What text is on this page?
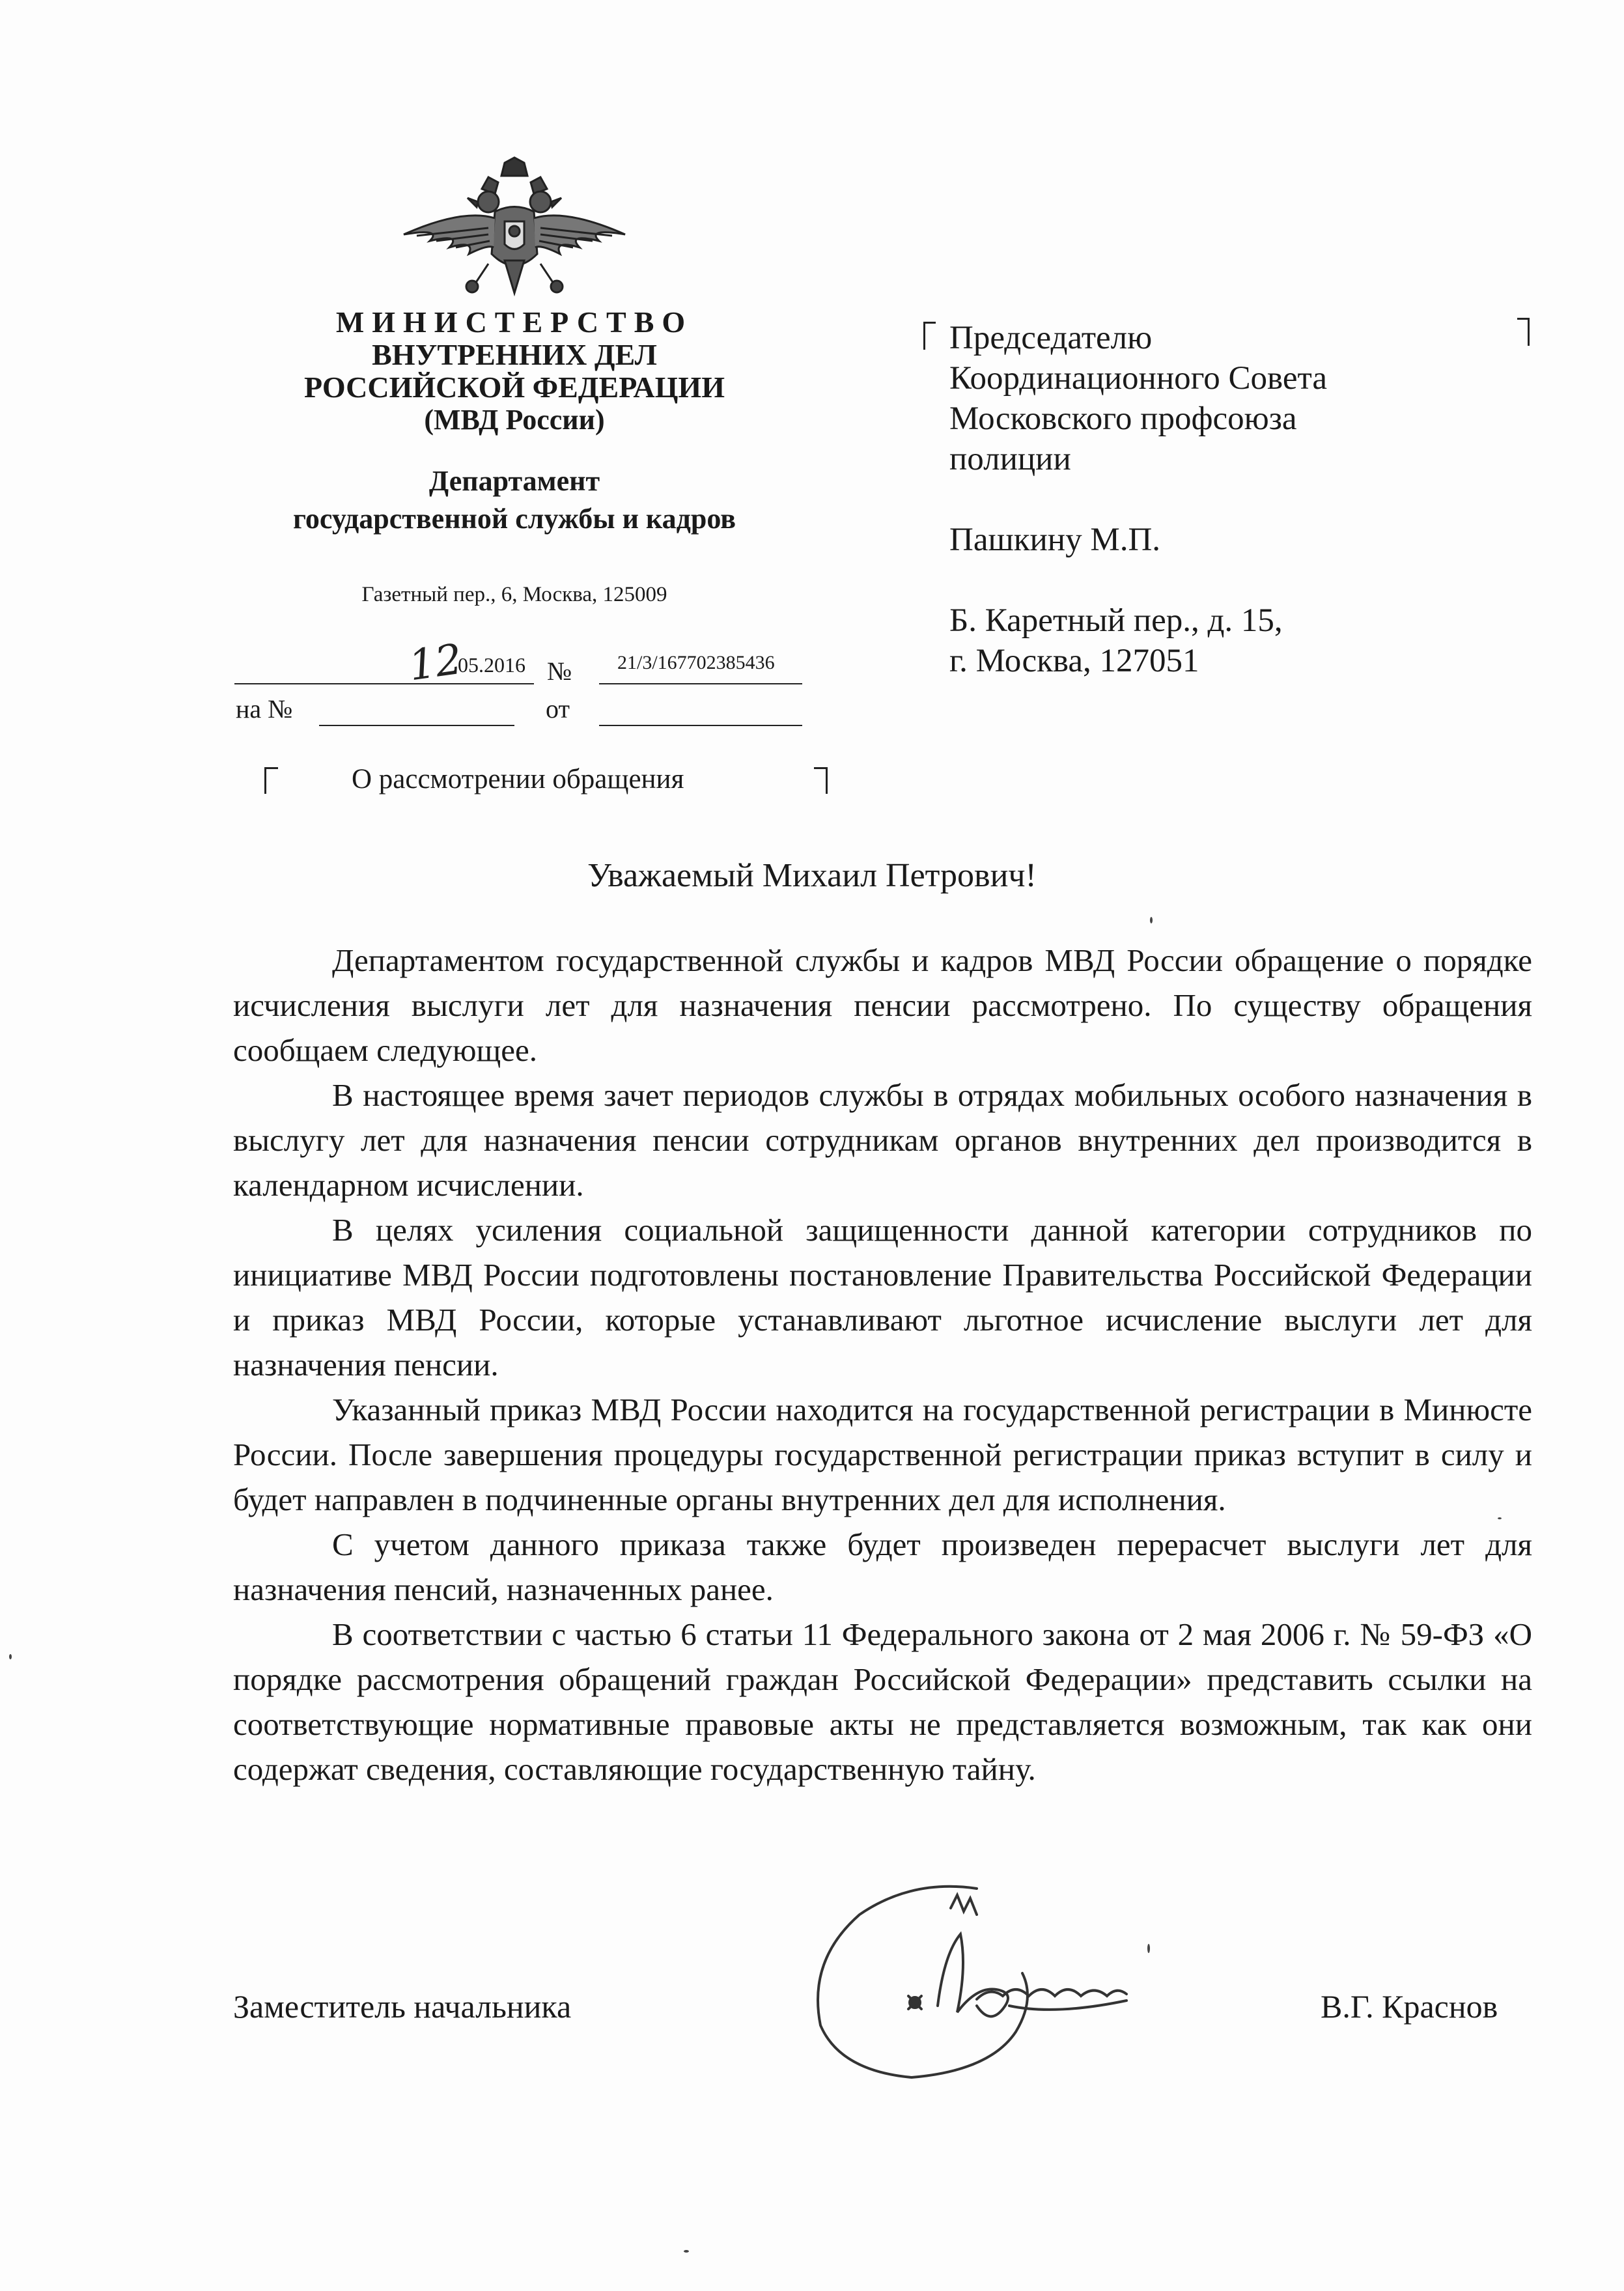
МИНИСТЕРСТВО
ВНУТРЕННИХ ДЕЛ
РОССИЙСКОЙ ФЕДЕРАЦИИ
(МВД России)
Департамент
государственной службы и кадров
Газетный пер., 6, Москва, 125009
12
.05.2016 № 21/3/167702385436
на №	от
О рассмотрении обращения
Председателю
Координационного Совета
Московского профсоюза
полиции
Пашкину М.П.
Б. Каретный пер., д. 15,
г. Москва, 127051
Уважаемый Михаил Петрович!

Департаментом государственной службы и кадров МВД России обращение о порядке исчисления выслуги лет для назначения пенсии рассмотрено. По существу обращения сообщаем следующее.

В настоящее время зачет периодов службы в отрядах мобильных особого назначения в выслугу лет для назначения пенсии сотрудникам органов внутренних дел производится в календарном исчислении.

В целях усиления социальной защищенности данной категории сотрудников по инициативе МВД России подготовлены постановление Правительства Российской Федерации и приказ МВД России, которые устанавливают льготное исчисление выслуги лет для назначения пенсии.

Указанный приказ МВД России находится на государственной регистрации в Минюсте России. После завершения процедуры государственной регистрации приказ вступит в силу и будет направлен в подчиненные органы внутренних дел для исполнения.

С учетом данного приказа также будет произведен перерасчет выслуги лет для назначения пенсий, назначенных ранее.

В соответствии с частью 6 статьи 11 Федерального закона от 2 мая 2006 г. № 59-ФЗ «О порядке рассмотрения обращений граждан Российской Федерации» представить ссылки на соответствующие нормативные правовые акты не представляется возможным, так как они содержат сведения, составляющие государственную тайну.

Заместитель начальника	В.Г. Краснов
